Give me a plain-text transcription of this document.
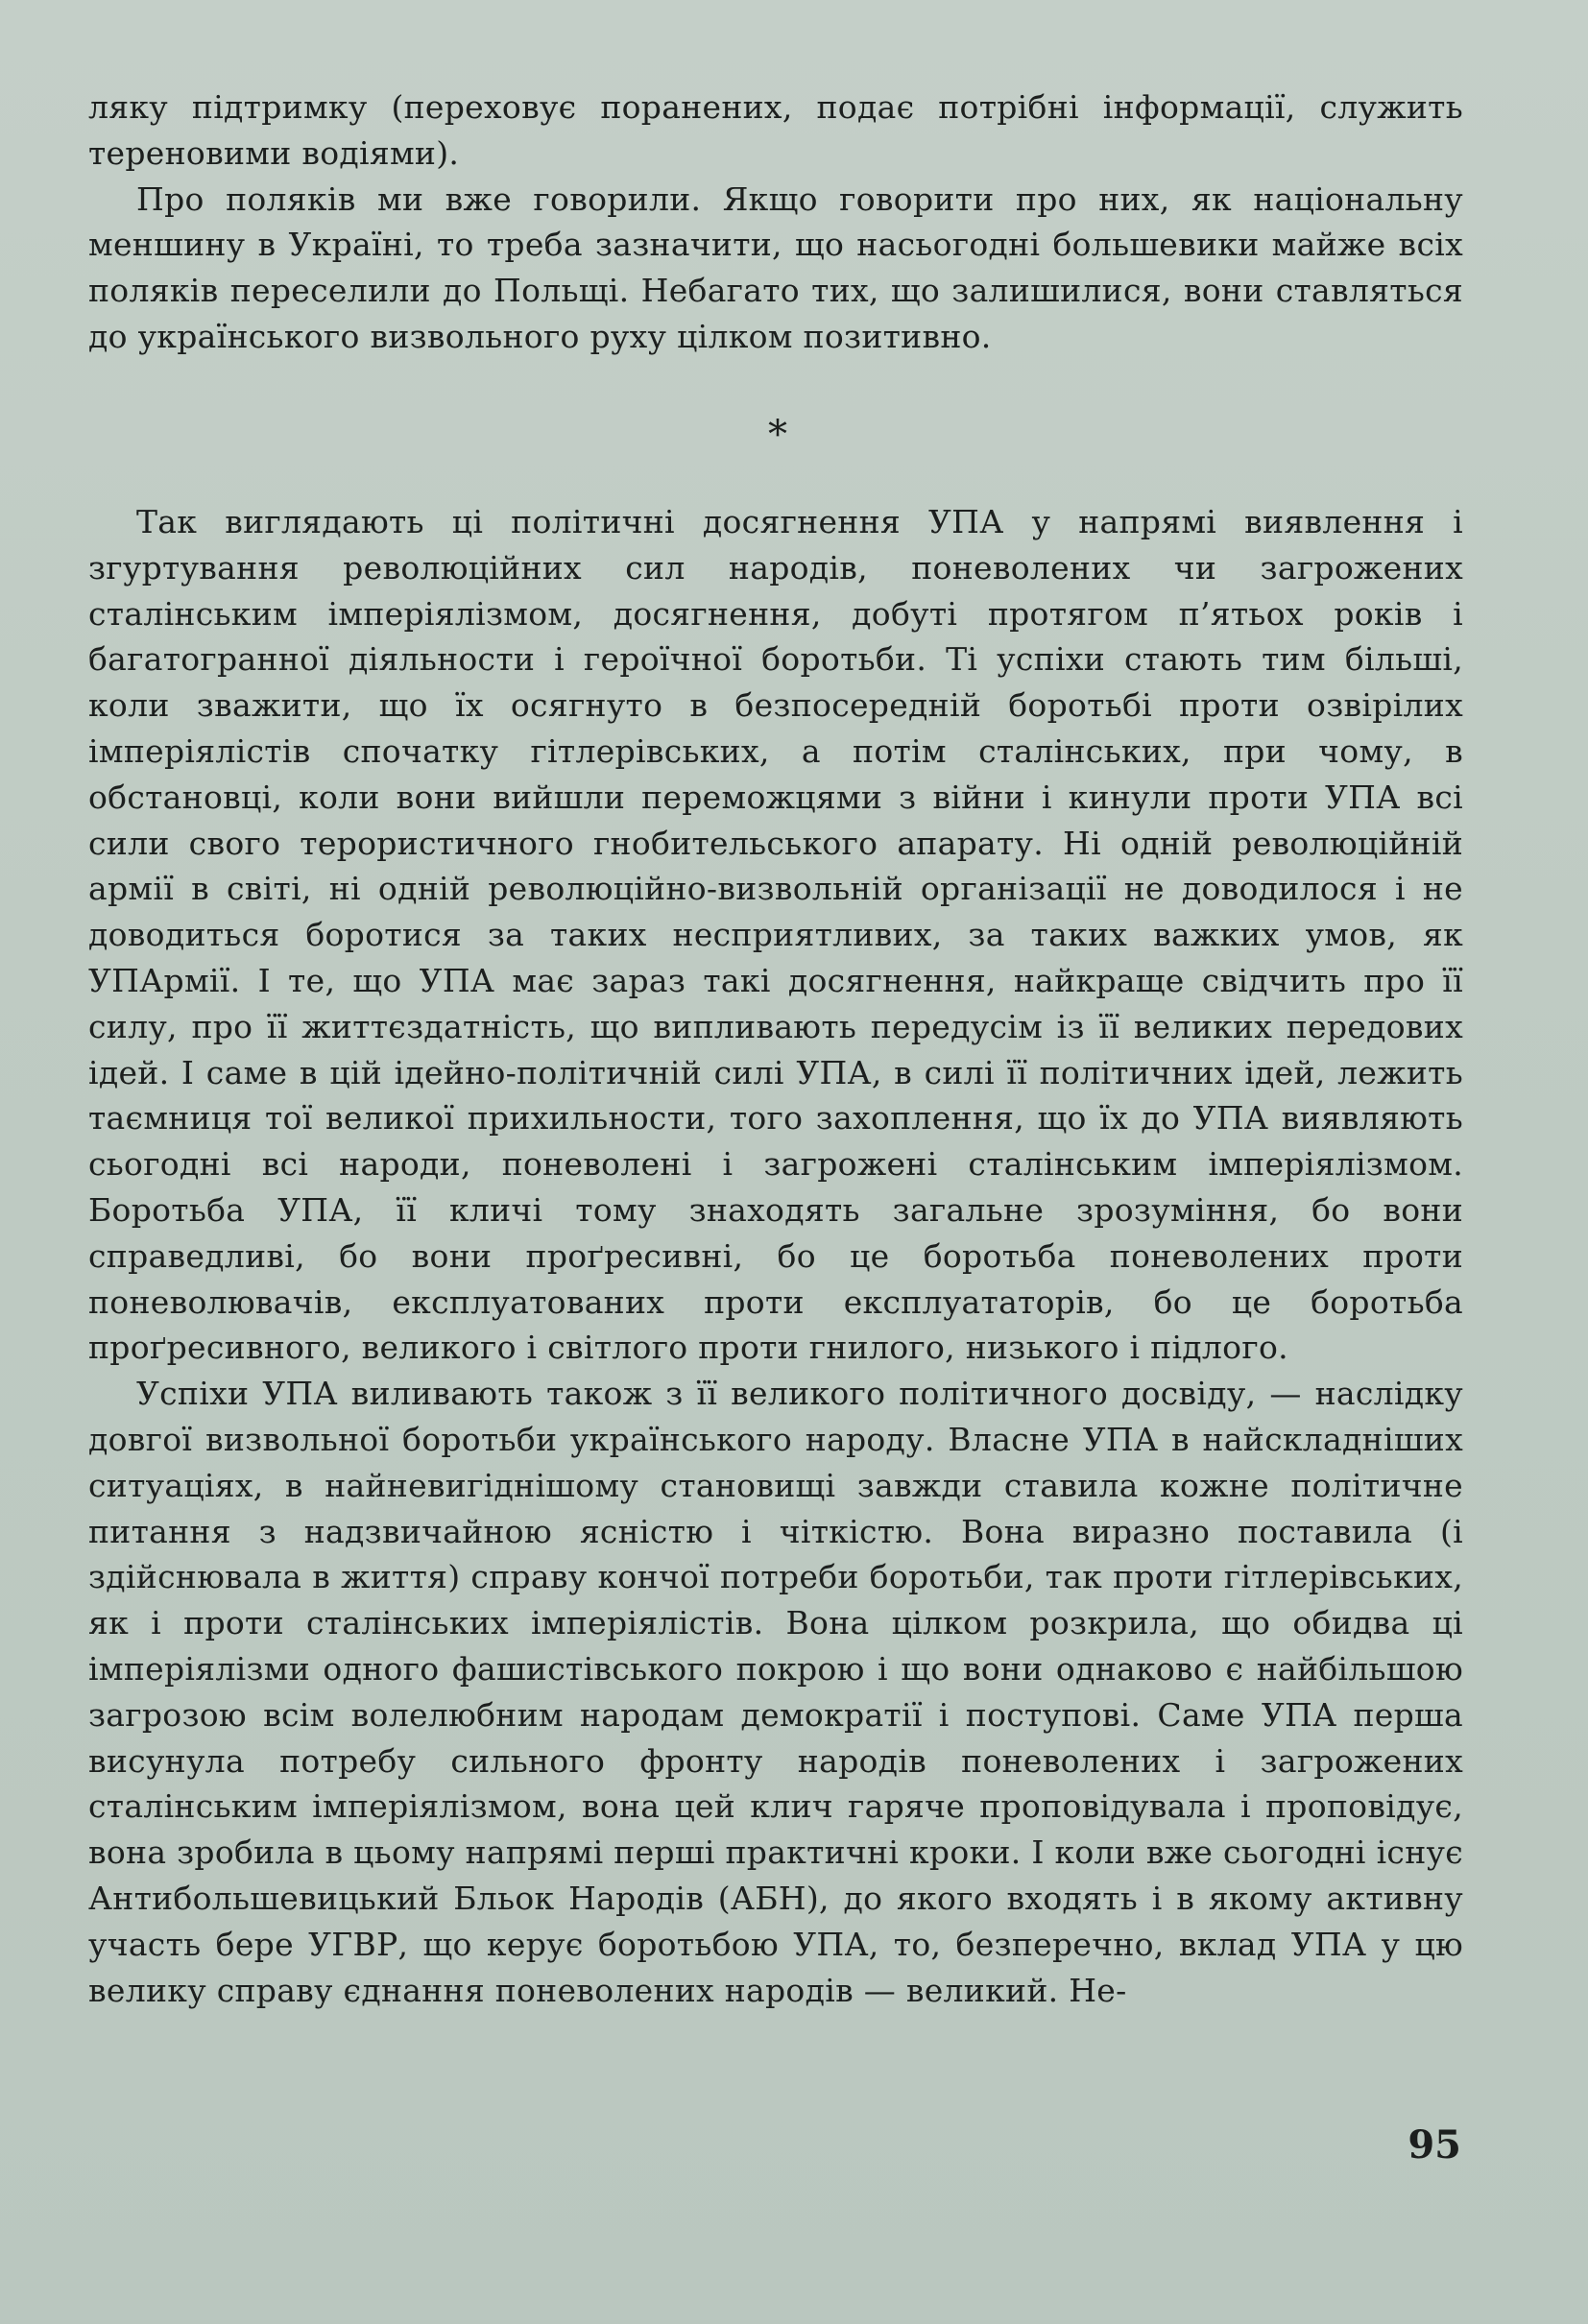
ляку підтримку (переховує поранених, подає потрібні інформації, служить тереновими водіями).

Про поляків ми вже говорили. Якщо говорити про них, як національну меншину в Україні, то треба зазначити, що насьогодні большевики майже всіх поляків переселили до Польщі. Небагато тих, що залишилися, вони ставляться до українського визвольного руху цілком позитивно.

*

Так виглядають ці політичні досягнення УПА у напрямі виявлення і згуртування революційних сил народів, поневолених чи загрожених сталінським імперіялізмом, досягнення, добуті протягом п’ятьох років і багатогранної діяльности і героїчної боротьби. Ті успіхи стають тим більші, коли зважити, що їх осягнуто в безпосередній боротьбі проти озвірілих імперіялістів спочатку гітлерівських, а потім сталінських, при чому, в обстановці, коли вони вийшли переможцями з війни і кинули проти УПА всі сили свого терористичного гнобительського апарату. Ні одній революційній армії в світі, ні одній революційно-визвольній організації не доводилося і не доводиться боротися за таких несприятливих, за таких важких умов, як УПАрмії. І те, що УПА має зараз такі досягнення, найкраще свідчить про її силу, про її життєздатність, що випливають передусім із її великих передових ідей. І саме в цій ідейно-політичній силі УПА, в силі її політичних ідей, лежить таємниця тої великої прихильности, того захоплення, що їх до УПА виявляють сьогодні всі народи, поневолені і загрожені сталінським імперіялізмом. Боротьба УПА, її кличі тому знаходять загальне зрозуміння, бо вони справедливі, бо вони проґресивні, бо це боротьба поневолених проти поневолювачів, експлуатованих проти експлуататорів, бо це боротьба проґресивного, великого і світлого проти гнилого, низького і підлого.

Успіхи УПА виливають також з її великого політичного досвіду, — наслідку довгої визвольної боротьби українського народу. Власне УПА в найскладніших ситуаціях, в найневигіднішому становищі завжди ставила кожне політичне питання з надзвичайною ясністю і чіткістю. Вона виразно поставила (і здійснювала в життя) справу кончої потреби боротьби, так проти гітлерівських, як і проти сталінських імперіялістів. Вона цілком розкрила, що обидва ці імперіялізми одного фашистівського покрою і що вони однаково є найбільшою загрозою всім волелюбним народам демократії і поступові. Саме УПА перша висунула потребу сильного фронту народів поневолених і загрожених сталінським імперіялізмом, вона цей клич гаряче проповідувала і проповідує, вона зробила в цьому напрямі перші практичні кроки. І коли вже сьогодні існує Антибольшевицький Бльок Народів (АБН), до якого входять і в якому активну участь бере УГВР, що керує боротьбою УПА, то, безперечно, вклад УПА у цю велику справу єднання поневолених народів — великий. Не-

95
